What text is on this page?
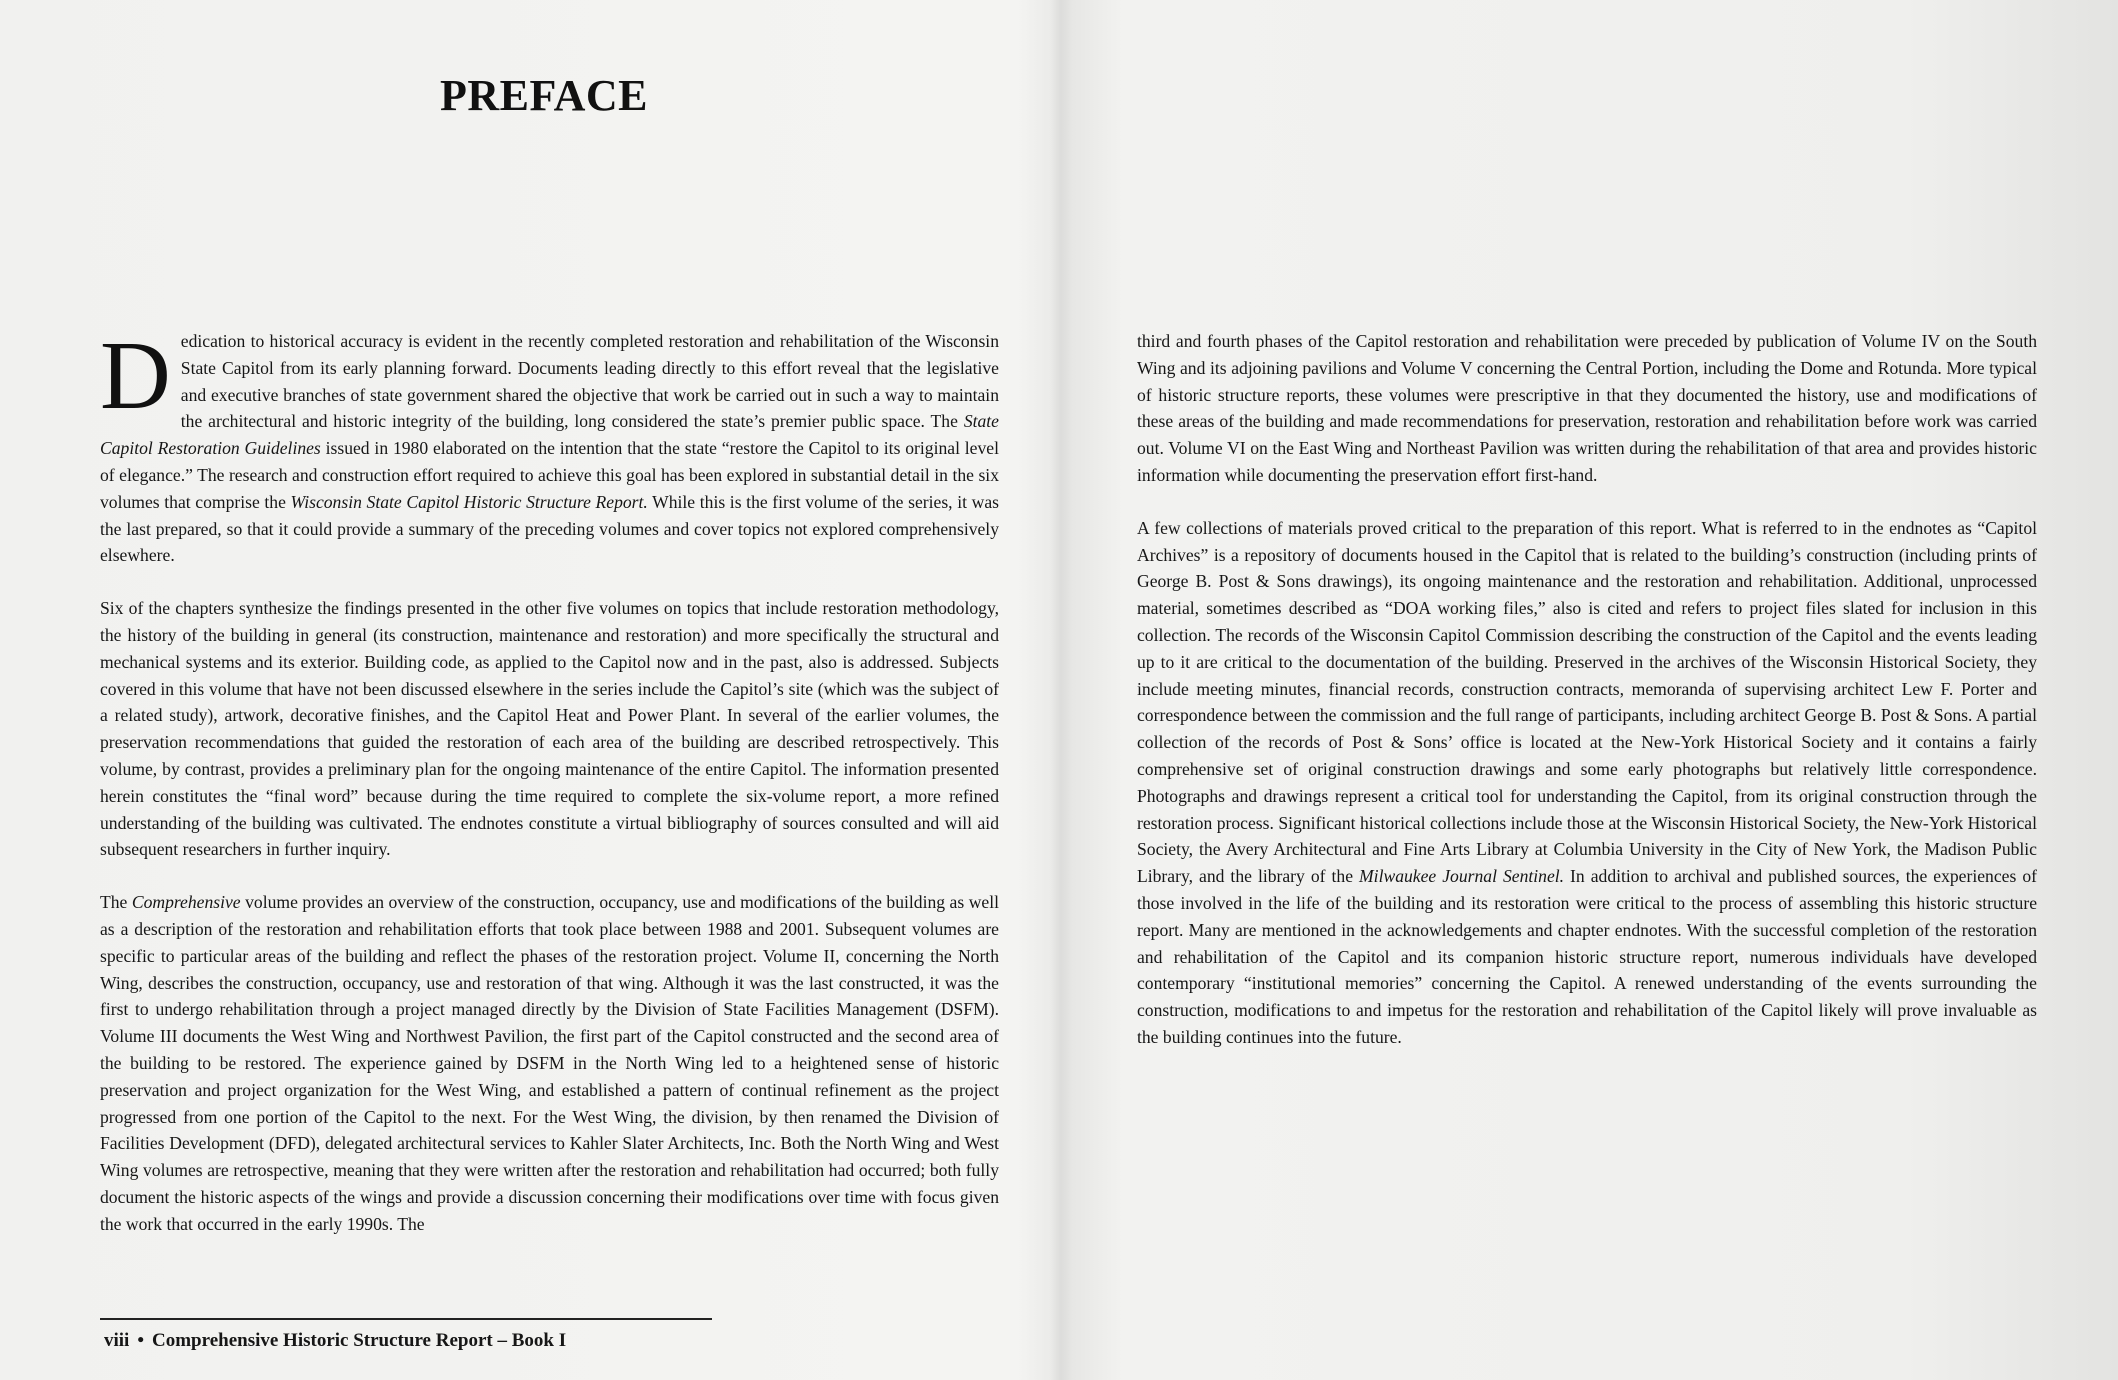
PREFACE

Dedication to historical accuracy is evident in the recently completed restoration and rehabilitation of the Wisconsin State Capitol from its early planning forward. Documents leading directly to this effort reveal that the legislative and executive branches of state government shared the objective that work be carried out in such a way to maintain the architectural and historic integrity of the building, long considered the state’s premier public space. The State Capitol Restoration Guidelines issued in 1980 elaborated on the intention that the state “restore the Capitol to its original level of elegance.” The research and construction effort required to achieve this goal has been explored in substantial detail in the six volumes that comprise the Wisconsin State Capitol Historic Structure Report. While this is the first volume of the series, it was the last prepared, so that it could provide a summary of the preceding volumes and cover topics not explored comprehensively elsewhere.

Six of the chapters synthesize the findings presented in the other five volumes on topics that include restoration methodology, the history of the building in general (its construction, maintenance and restoration) and more specifically the structural and mechanical systems and its exterior. Building code, as applied to the Capitol now and in the past, also is addressed. Subjects covered in this volume that have not been discussed elsewhere in the series include the Capitol’s site (which was the subject of a related study), artwork, decorative finishes, and the Capitol Heat and Power Plant. In several of the earlier volumes, the preservation recommendations that guided the restoration of each area of the building are described retrospectively. This volume, by contrast, provides a preliminary plan for the ongoing maintenance of the entire Capitol. The information presented herein constitutes the “final word” because during the time required to complete the six-volume report, a more refined understanding of the building was cultivated. The endnotes constitute a virtual bibliography of sources consulted and will aid subsequent researchers in further inquiry.

The Comprehensive volume provides an overview of the construction, occupancy, use and modifications of the building as well as a description of the restoration and rehabilitation efforts that took place between 1988 and 2001. Subsequent volumes are specific to particular areas of the building and reflect the phases of the restoration project. Volume II, concerning the North Wing, describes the construction, occupancy, use and restoration of that wing. Although it was the last constructed, it was the first to undergo rehabilitation through a project managed directly by the Division of State Facilities Management (DSFM). Volume III documents the West Wing and Northwest Pavilion, the first part of the Capitol constructed and the second area of the building to be restored. The experience gained by DSFM in the North Wing led to a heightened sense of historic preservation and project organization for the West Wing, and established a pattern of continual refinement as the project progressed from one portion of the Capitol to the next. For the West Wing, the division, by then renamed the Division of Facilities Development (DFD), delegated architectural services to Kahler Slater Architects, Inc. Both the North Wing and West Wing volumes are retrospective, meaning that they were written after the restoration and rehabilitation had occurred; both fully document the historic aspects of the wings and provide a discussion concerning their modifications over time with focus given the work that occurred in the early 1990s. The

viii • Comprehensive Historic Structure Report – Book I

third and fourth phases of the Capitol restoration and rehabilitation were preceded by publication of Volume IV on the South Wing and its adjoining pavilions and Volume V concerning the Central Portion, including the Dome and Rotunda. More typical of historic structure reports, these volumes were prescriptive in that they documented the history, use and modifications of these areas of the building and made recommendations for preservation, restoration and rehabilitation before work was carried out. Volume VI on the East Wing and Northeast Pavilion was written during the rehabilitation of that area and provides historic information while documenting the preservation effort first-hand.

A few collections of materials proved critical to the preparation of this report. What is referred to in the endnotes as “Capitol Archives” is a repository of documents housed in the Capitol that is related to the building’s construction (including prints of George B. Post & Sons drawings), its ongoing maintenance and the restoration and rehabilitation. Additional, unprocessed material, sometimes described as “DOA working files,” also is cited and refers to project files slated for inclusion in this collection. The records of the Wisconsin Capitol Commission describing the construction of the Capitol and the events leading up to it are critical to the documentation of the building. Preserved in the archives of the Wisconsin Historical Society, they include meeting minutes, financial records, construction contracts, memoranda of supervising architect Lew F. Porter and correspondence between the commission and the full range of participants, including architect George B. Post & Sons. A partial collection of the records of Post & Sons’ office is located at the New-York Historical Society and it contains a fairly comprehensive set of original construction drawings and some early photographs but relatively little correspondence. Photographs and drawings represent a critical tool for understanding the Capitol, from its original construction through the restoration process. Significant historical collections include those at the Wisconsin Historical Society, the New-York Historical Society, the Avery Architectural and Fine Arts Library at Columbia University in the City of New York, the Madison Public Library, and the library of the Milwaukee Journal Sentinel. In addition to archival and published sources, the experiences of those involved in the life of the building and its restoration were critical to the process of assembling this historic structure report. Many are mentioned in the acknowledgements and chapter endnotes. With the successful completion of the restoration and rehabilitation of the Capitol and its companion historic structure report, numerous individuals have developed contemporary “institutional memories” concerning the Capitol. A renewed understanding of the events surrounding the construction, modifications to and impetus for the restoration and rehabilitation of the Capitol likely will prove invaluable as the building continues into the future.
